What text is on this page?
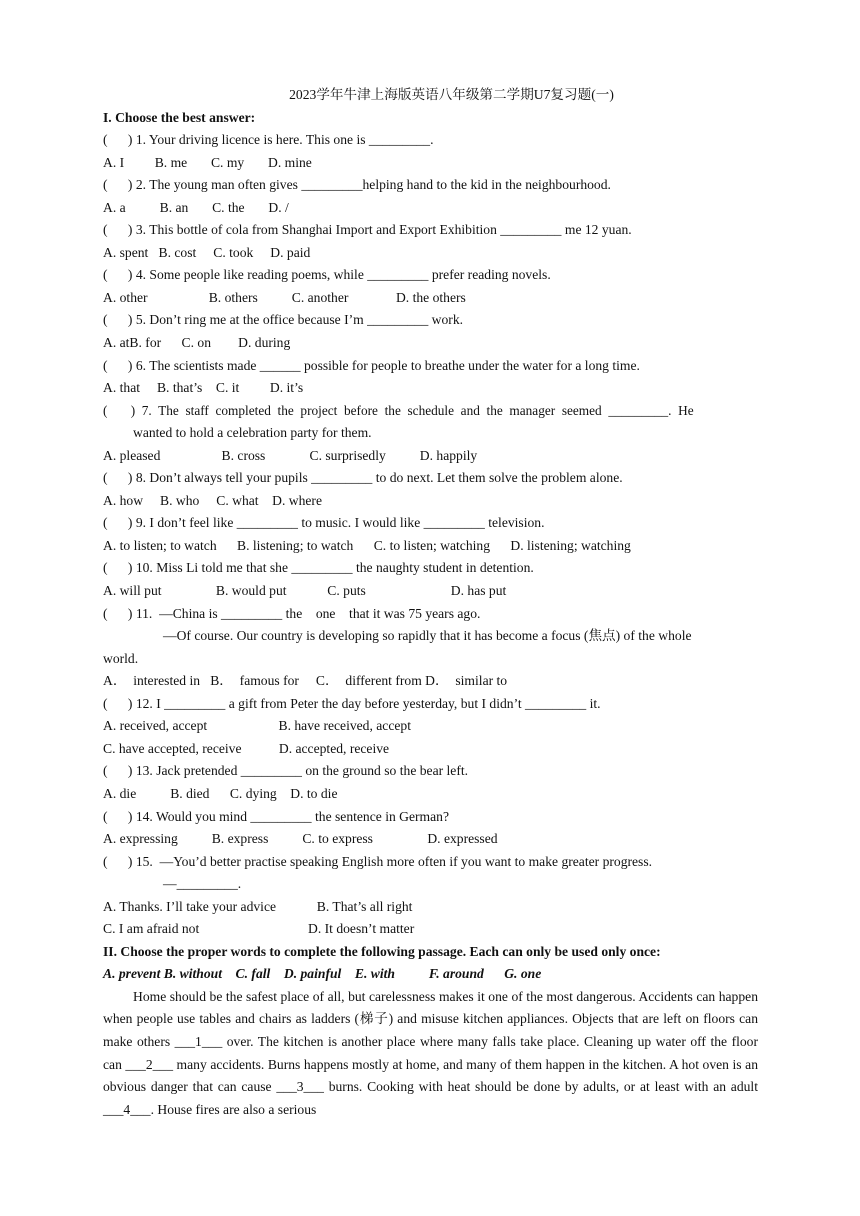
2023学年牛津上海版英语八年级第二学期U7复习题(一)
I. Choose the best answer:
(      ) 1. Your driving licence is here. This one is _________.
A. I         B. me       C. my       D. mine
(      ) 2. The young man often gives _________helping hand to the kid in the neighbourhood.
A. a          B. an       C. the       D. /
(      ) 3. This bottle of cola from Shanghai Import and Export Exhibition _________ me 12 yuan.
A. spent   B. cost     C. took     D. paid
(      ) 4. Some people like reading poems, while _________ prefer reading novels.
A. other                  B. others          C. another              D. the others
(      ) 5. Don’t ring me at the office because I’m _________ work.
A. atB. for      C. on        D. during
(      ) 6. The scientists made ______ possible for people to breathe under the water for a long time.
A. that     B. that’s    C. it         D. it’s
(       )  7.  The  staff  completed  the  project  before  the  schedule  and  the  manager  seemed  _________.  He
wanted to hold a celebration party for them.
A. pleased                  B. cross             C. surprisedly          D. happily
(      ) 8. Don’t always tell your pupils _________ to do next. Let them solve the problem alone.
A. how     B. who     C. what    D. where
(      ) 9. I don’t feel like _________ to music. I would like _________ television.
A. to listen; to watch      B. listening; to watch      C. to listen; watching      D. listening; watching
(      ) 10. Miss Li told me that she _________ the naughty student in detention.
A. will put                B. would put            C. puts                         D. has put
(      ) 11.  —China is _________ the    one    that it was 75 years ago.
—Of course. Our country is developing so rapidly that it has become a focus (焦点) of the whole
world.
A．  interested in   B．  famous for     C．  different from D．  similar to
(      ) 12. I _________ a gift from Peter the day before yesterday, but I didn’t _________ it.
A. received, accept                     B. have received, accept
C. have accepted, receive           D. accepted, receive
(      ) 13. Jack pretended _________ on the ground so the bear left.
A. die          B. died      C. dying    D. to die
(      ) 14. Would you mind _________ the sentence in German?
A. expressing          B. express          C. to express                D. expressed
(      ) 15.  —You’d better practise speaking English more often if you want to make greater progress.
—_________.
A. Thanks. I’ll take your advice            B. That’s all right
C. I am afraid not                                D. It doesn’t matter
II. Choose the proper words to complete the following passage. Each can only be used only once:
A. prevent B. without    C. fall    D. painful    E. with          F. around      G. one
Home should be the safest place of all, but carelessness makes it one of the most dangerous. Accidents can happen when people use tables and chairs as ladders (梯子) and misuse kitchen appliances. Objects that are left on floors can make others ___1___ over. The kitchen is another place where many falls take place. Cleaning up water off the floor can ___2___ many accidents. Burns happens mostly at home, and many of them happen in the kitchen. A hot oven is an obvious danger that can cause ___3___ burns. Cooking with heat should be done by adults, or at least with an adult ___4___. House fires are also a serious
